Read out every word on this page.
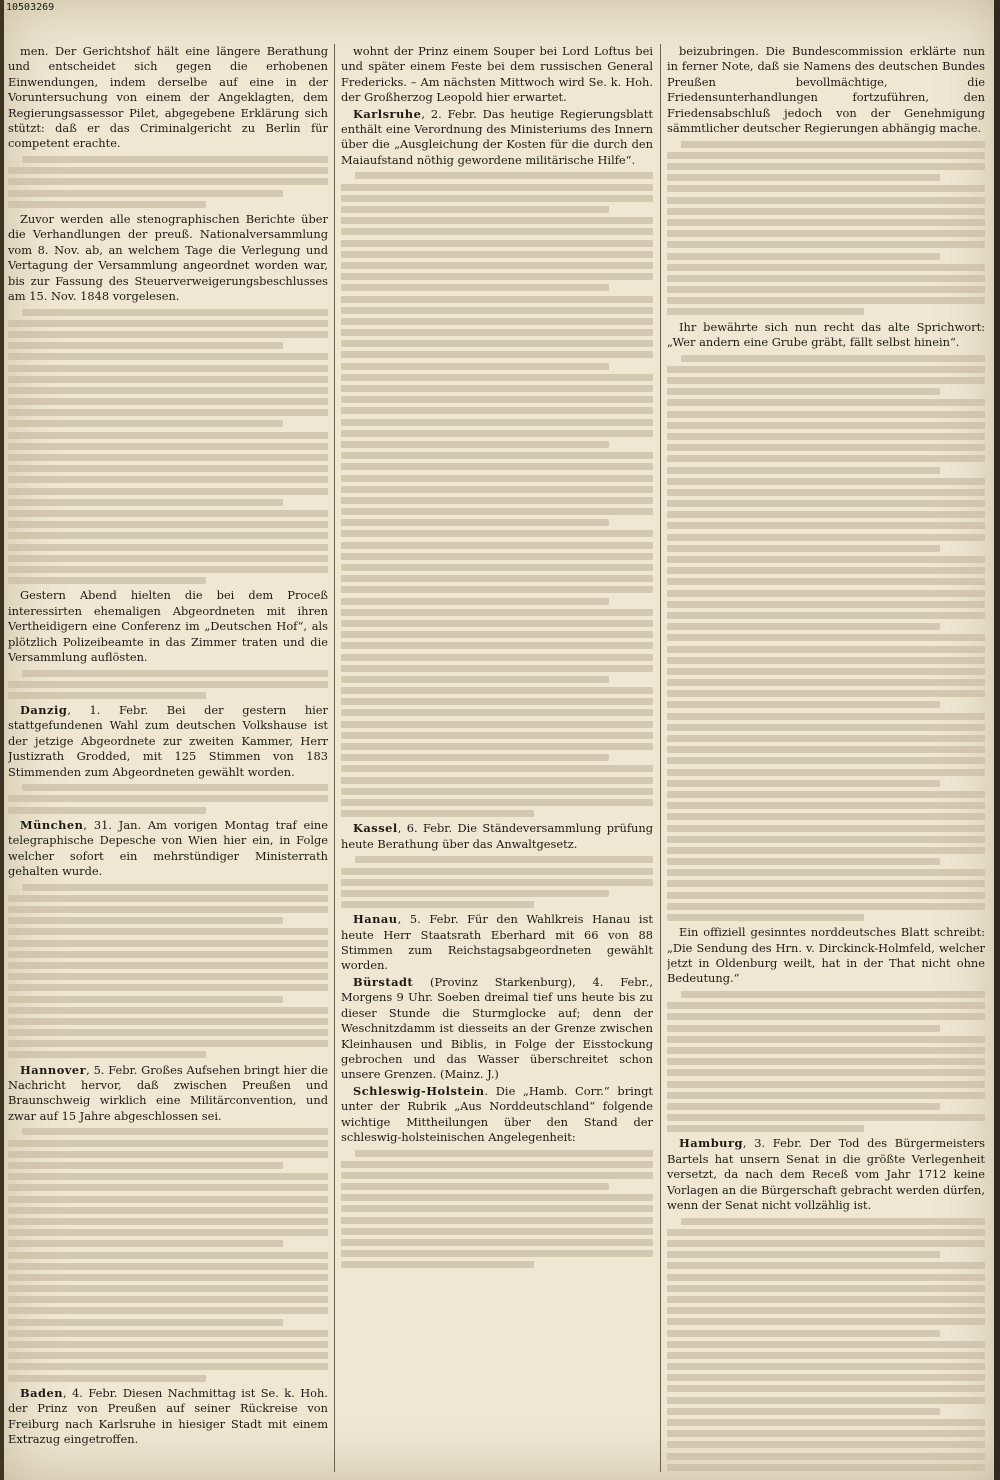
10503269

men. Der Gerichtshof hält eine längere Berathung und entscheidet sich gegen die erhobenen Einwendungen, indem derselbe auf eine in der Voruntersuchung von einem der Angeklagten, dem Regierungsassessor Pilet, abgegebene Erklärung sich stützt: daß er das Criminalgericht zu Berlin für competent erachte.

Zuvor werden alle stenographischen Berichte über die Verhandlungen der preuß. Nationalversammlung vom 8. Nov. ab, an welchem Tage die Verlegung und Vertagung der Versammlung angeordnet worden war, bis zur Fassung des Steuerverweigerungsbeschlusses am 15. Nov. 1848 vorgelesen.

Gestern Abend hielten die bei dem Proceß interessirten ehemaligen Abgeordneten mit ihren Vertheidigern eine Conferenz im „Deutschen Hof“, als plötzlich Polizeibeamte in das Zimmer traten und die Versammlung auflösten.

Danzig, 1. Febr. Bei der gestern hier stattgefundenen Wahl zum deutschen Volkshause ist der jetzige Abgeordnete zur zweiten Kammer, Herr Justizrath Grodded, mit 125 Stimmen von 183 Stimmenden zum Abgeordneten gewählt worden.

München, 31. Jan. Am vorigen Montag traf eine telegraphische Depesche von Wien hier ein, in Folge welcher sofort ein mehrstündiger Ministerrath gehalten wurde.

Hannover, 5. Febr. Großes Aufsehen bringt hier die Nachricht hervor, daß zwischen Preußen und Braunschweig wirklich eine Militärconvention, und zwar auf 15 Jahre abgeschlossen sei.

Baden, 4. Febr. Diesen Nachmittag ist Se. k. Hoh. der Prinz von Preußen auf seiner Rückreise von Freiburg nach Karlsruhe in hiesiger Stadt mit einem Extrazug eingetroffen.

wohnt der Prinz einem Souper bei Lord Loftus bei und später einem Feste bei dem russischen General Fredericks. – Am nächsten Mittwoch wird Se. k. Hoh. der Großherzog Leopold hier erwartet.

Karlsruhe, 2. Febr. Das heutige Regierungsblatt enthält eine Verordnung des Ministeriums des Innern über die „Ausgleichung der Kosten für die durch den Maiaufstand nöthig gewordene militärische Hilfe“.

Kassel, 6. Febr. Die Ständeversammlung prüfung heute Berathung über das Anwaltgesetz.

Hanau, 5. Febr. Für den Wahlkreis Hanau ist heute Herr Staatsrath Eberhard mit 66 von 88 Stimmen zum Reichstagsabgeordneten gewählt worden.

Bürstadt (Provinz Starkenburg), 4. Febr., Morgens 9 Uhr. Soeben dreimal tief uns heute bis zu dieser Stunde die Sturmglocke auf; denn der Weschnitzdamm ist diesseits an der Grenze zwischen Kleinhausen und Biblis, in Folge der Eisstockung gebrochen und das Wasser überschreitet schon unsere Grenzen. (Mainz. J.)

Schleswig-Holstein. Die „Hamb. Corr.“ bringt unter der Rubrik „Aus Norddeutschland“ folgende wichtige Mittheilungen über den Stand der schleswig-holsteinischen Angelegenheit:

beizubringen. Die Bundescommission erklärte nun in ferner Note, daß sie Namens des deutschen Bundes Preußen bevollmächtige, die Friedensunterhandlungen fortzuführen, den Friedensabschluß jedoch von der Genehmigung sämmtlicher deutscher Regierungen abhängig mache.

Ihr bewährte sich nun recht das alte Sprichwort: „Wer andern eine Grube gräbt, fällt selbst hinein“.

Ein offiziell gesinntes norddeutsches Blatt schreibt: „Die Sendung des Hrn. v. Dirckinck-Holmfeld, welcher jetzt in Oldenburg weilt, hat in der That nicht ohne Bedeutung.“

Hamburg, 3. Febr. Der Tod des Bürgermeisters Bartels hat unsern Senat in die größte Verlegenheit versetzt, da nach dem Receß vom Jahr 1712 keine Vorlagen an die Bürgerschaft gebracht werden dürfen, wenn der Senat nicht vollzählig ist.
